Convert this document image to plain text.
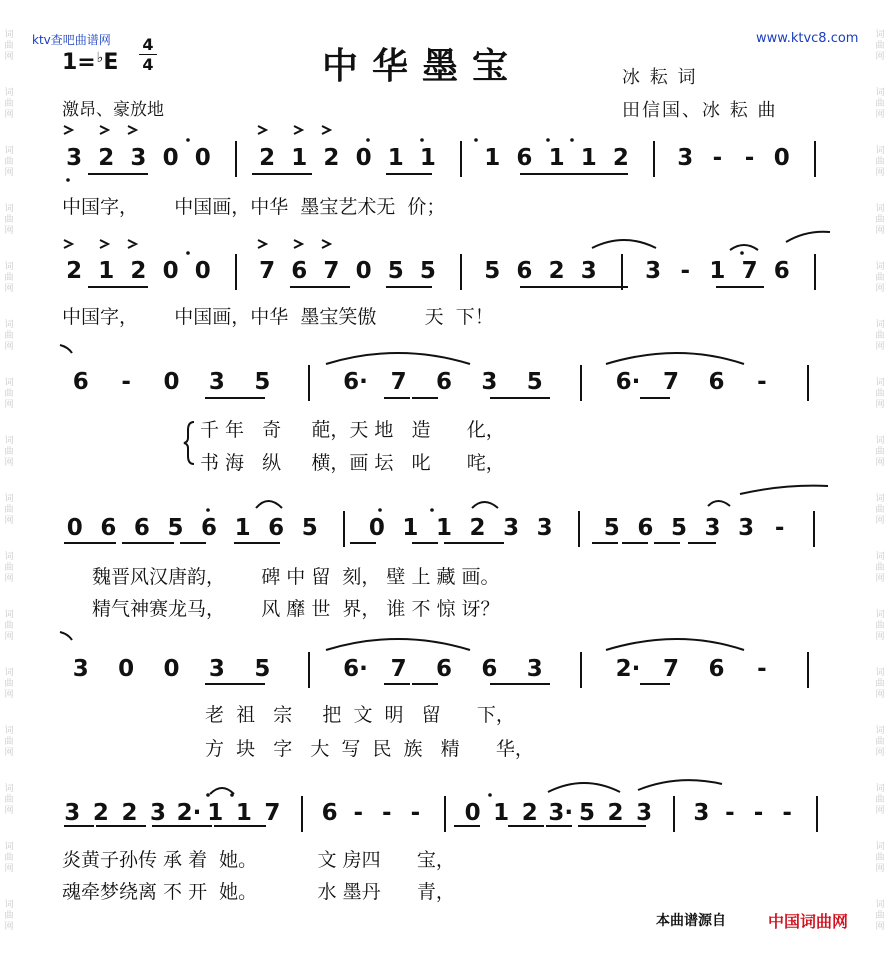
词
曲
网
词
曲
网
词
曲
网
词
曲
网
词
曲
网
词
曲
网
词
曲
网
词
曲
网
词
曲
网
词
曲
网
词
曲
网
词
曲
网
词
曲
网
词
曲
网
词
曲
网
词
曲
网
词
曲
网
词
曲
网
词
曲
网
词
曲
网
词
曲
网
词
曲
网
词
曲
网
词
曲
网
词
曲
网
词
曲
网
词
曲
网
词
曲
网
词
曲
网
词
曲
网
词
曲
网
词
曲
网
ktv查吧曲谱网	www.ktvc8.com
中华墨宝
1=♭E
4
4
激昂、豪放地
冰 耘 词
田信国、冰 耘 曲
3 2 3 0 0 2 1 2 0 1 1 1 6 1 1 2 3 - - 0
中国字，      中国画，中华  墨宝艺术无  价；
2 1 2 0 0 7 6 7 0 5 5 5 6 2 3 3 - 1 7 6
中国字，      中国画，中华  墨宝笑傲        天  下！
6 - 0 3 5	6· 7 6 3 5	6· 7 6 -
千 年   奇     葩，天 地   造      化，
书 海   纵     横，画 坛   叱      咤，
0 6 6 5 6 1 6 5 0 1 1 2 3 3 5 6 5 3 3 -
魏晋风汉唐韵，      碑 中 留  刻， 壁 上 藏 画。
精气神赛龙马，      风 靡 世  界， 谁 不 惊 讶？
3 0 0 3 5	6· 7 6 6 3	2· 7 6 -
老  祖   宗     把  文  明   留      下，
方  块   字   大  写  民  族   精      华，
3 2 2 3 2· 1 1 7 6 - - - 0 1 2 3· 5 2 3 3 - - -
炎黄子孙传 承 着  她。          文 房四      宝，
魂牵梦绕离 不 开  她。          水 墨丹      青，
本曲谱源自	中国词曲网
